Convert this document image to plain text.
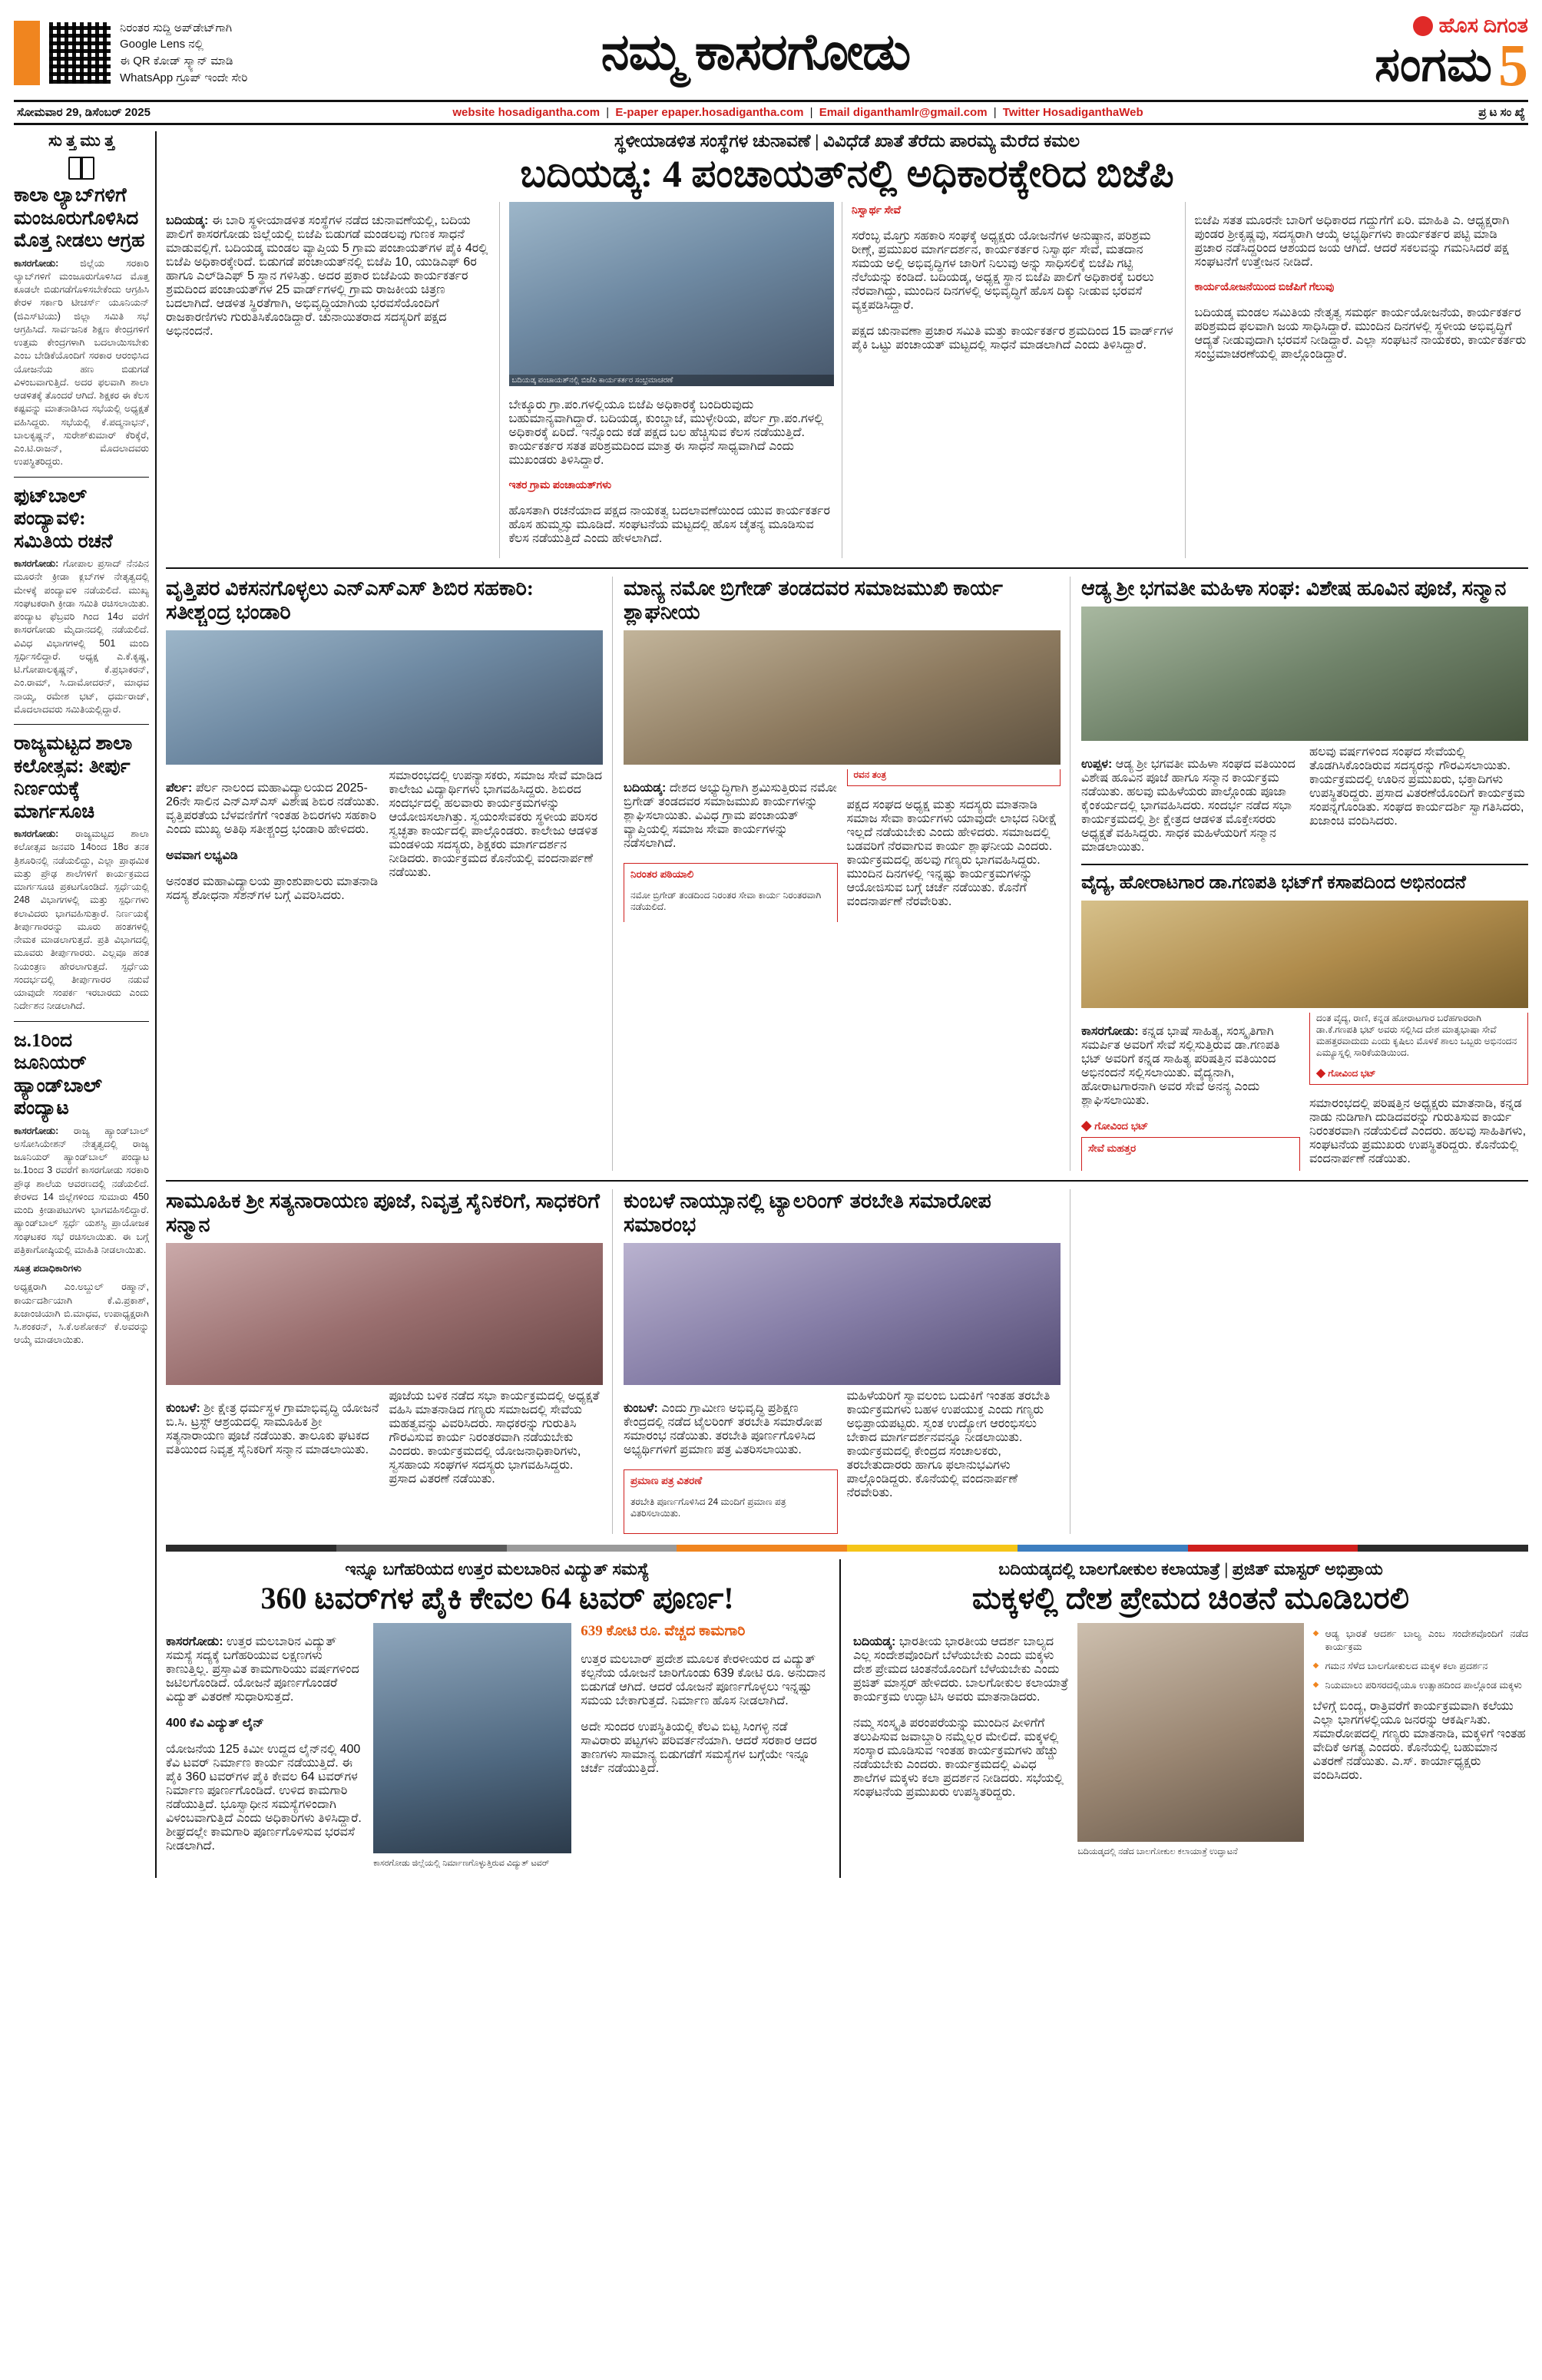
ನಿರಂತರ ಸುದ್ದಿ ಅಪ್‌ಡೇಟ್‌ಗಾಗಿ
Google Lens ನಲ್ಲಿ
ಈ QR ಕೋಡ್ ಸ್ಕ್ಯಾನ್ ಮಾಡಿ
WhatsApp ಗ್ರೂಪ್ ಇಂದೇ ಸೇರಿ	ನಮ್ಮ ಕಾಸರಗೋಡು	ಹೊಸ ದಿಗಂತ
ಸಂಗಮ 5
ಸೋಮವಾರ 29, ಡಿಸೆಂಬರ್ 2025	website hosadigantha.com | E-paper epaper.hosadigantha.com | Email diganthamlr@gmail.com | Twitter HosadiganthaWeb	ಪ್ರ ಟ ಸಂ ಖ್ಯೆ
ಸು ತ್ತ ಮು ತ್ತ
ಕಾಲಾ ಲ್ಯಾಬ್‌ಗಳಿಗೆ ಮಂಜೂರುಗೊಳಿಸಿದ ಮೊತ್ತ ನೀಡಲು ಆಗ್ರಹ

ಕಾಸರಗೋಡು: ಜಿಲ್ಲೆಯ ಸರಕಾರಿ ಲ್ಯಾಬ್‌ಗಳಿಗೆ ಮಂಜೂರುಗೊಳಿಸಿದ ಮೊತ್ತ ಕೂಡಲೇ ಬಿಡುಗಡೆಗೊಳಿಸಬೇಕೆಂದು ಆಗ್ರಹಿಸಿ ಕೇರಳ ಸರ್ಕಾರಿ ಟೀಚರ್ಸ್‌ ಯೂನಿಯನ್ (ಜಿಎಸ್‌ಟಿಯು) ಜಿಲ್ಲಾ ಸಮಿತಿ ಸಭೆ ಆಗ್ರಹಿಸಿದೆ. ಸಾರ್ವಜನಿಕ ಶಿಕ್ಷಣ ಕೇಂದ್ರಗಳಿಗೆ ಉತ್ತಮ ಕೇಂದ್ರಗಳಾಗಿ ಬದಲಾಯಿಸಬೇಕು ಎಂಬ ಬೇಡಿಕೆಯೊಂದಿಗೆ ಸರಕಾರ ಆರಂಭಿಸಿದ ಯೋಜನೆಯ ಹಣ ಬಿಡುಗಡೆ ವಿಳಂಬವಾಗುತ್ತಿದೆ. ಅದರ ಫಲವಾಗಿ ಶಾಲಾ ಆಡಳಿತಕ್ಕೆ ತೊಂದರೆ ಆಗಿದೆ. ಶಿಕ್ಷಕರ ಈ ಕೆಲಸ ಕಷ್ಟವನ್ನು ಮಾತನಾಡಿಸಿದ ಸಭೆಯಲ್ಲಿ ಅಧ್ಯಕ್ಷತೆ ವಹಿಸಿದ್ದರು. ಸಭೆಯಲ್ಲಿ ಕೆ.ಪದ್ಮನಾಭನ್, ಬಾಲಕೃಷ್ಣನ್, ಸುರೇಶ್‌ಕುಮಾರ್ ಕೆರಿಕ್ಕೆರೆ, ಎಂ.ಟಿ.ರಾಜನ್, ಮೊದಲಾದವರು ಉಪಸ್ಥಿತರಿದ್ದರು.

ಫುಟ್‌ಬಾಲ್ ಪಂದ್ಯಾವಳಿ: ಸಮಿತಿಯ ರಚನೆ

ಕಾಸರಗೋಡು: ಗೋಪಾಲ ಪ್ರಸಾದ್ ನೆನಪಿನ ಮೂರನೇ ಕ್ರೀಡಾ ಕ್ಲಬ್‌ಗಳ ನೇತೃತ್ವದಲ್ಲಿ ಮೇಳಕ್ಕೆ ಪಂದ್ಯಾವಳಿ ನಡೆಯಲಿದೆ. ಮುಖ್ಯ ಸಂಘಟಕರಾಗಿ ಕ್ರೀಡಾ ಸಮಿತಿ ರಚಿಸಲಾಯಿತು. ಪಂದ್ಯಾಟ ಫೆಬ್ರವರಿ ಗಿಂದ 14ರ ವರೆಗೆ ಕಾಸರಗೋಡು ಮೈದಾನದಲ್ಲಿ ನಡೆಯಲಿದೆ. ವಿವಿಧ ವಿಭಾಗಗಳಲ್ಲಿ 501 ಮಂದಿ ಸ್ಪರ್ಧಿಸಲಿದ್ದಾರೆ. ಅಧ್ಯಕ್ಷ ಎ.ಕೆ.ಕೃಷ್ಣ, ಟಿ.ಗೋಪಾಲಕೃಷ್ಣನ್, ಕೆ.ಪ್ರಭಾಕರನ್, ಎಂ.ರಾಮ್‌, ಸಿ.ದಾಮೋದರನ್, ಮಾಧವ ನಾಯ್ಕ, ರಮೇಶ ಭಟ್, ಧರ್ಮರಾಜ್, ಮೊದಲಾದವರು ಸಮಿತಿಯಲ್ಲಿದ್ದಾರೆ.

ರಾಜ್ಯಮಟ್ಟದ ಶಾಲಾ ಕಲೋತ್ಸವ: ತೀರ್ಪು ನಿರ್ಣಯಕ್ಕೆ ಮಾರ್ಗಸೂಚಿ

ಕಾಸರಗೋಡು: ರಾಜ್ಯಮಟ್ಟದ ಶಾಲಾ ಕಲೋತ್ಸವ ಜನವರಿ 14ರಿಂದ 18ರ ತನಕ ತ್ರಿಶೂರಿನಲ್ಲಿ ನಡೆಯಲಿದ್ದು, ಎಲ್ಲಾ ಪ್ರಾಥಮಿಕ ಮತ್ತು ಪ್ರೌಢ ಶಾಲೆಗಳಿಗೆ ಕಾರ್ಯಕ್ರಮದ ಮಾರ್ಗಸೂಚಿ ಪ್ರಕಟಗೊಂಡಿದೆ. ಸ್ಪರ್ಧೆಯಲ್ಲಿ 248 ವಿಭಾಗಗಳಲ್ಲಿ ಮತ್ತು ಸ್ಪರ್ಧಿಗಳು ಕಲಾವಿದರು ಭಾಗವಹಿಸುತ್ತಾರೆ. ನಿರ್ಣಯಕ್ಕೆ ತೀರ್ಪುಗಾರರನ್ನು ಮೂರು ಹಂತಗಳಲ್ಲಿ ನೇಮಕ ಮಾಡಲಾಗುತ್ತದೆ. ಪ್ರತಿ ವಿಭಾಗದಲ್ಲಿ ಮೂವರು ತೀರ್ಪುಗಾರರು. ಎಲ್ಲವೂ ಹಂತ ನಿಯಂತ್ರಣ ಹೇರಲಾಗುತ್ತದೆ. ಸ್ಪರ್ಧೆಯ ಸಂದರ್ಭದಲ್ಲಿ ತೀರ್ಪುಗಾರರ ನಡುವೆ ಯಾವುದೇ ಸಂಪರ್ಕ ಇರಬಾರದು ಎಂದು ನಿರ್ದೇಶನ ನೀಡಲಾಗಿದೆ.

ಜ.1ರಿಂದ ಜೂನಿಯರ್ ಹ್ಯಾಂಡ್‌ಬಾಲ್ ಪಂದ್ಯಾಟ

ಕಾಸರಗೋಡು: ರಾಜ್ಯ ಹ್ಯಾಂಡ್‌ಬಾಲ್ ಅಸೋಸಿಯೇಶನ್ ನೇತೃತ್ವದಲ್ಲಿ ರಾಜ್ಯ ಜೂನಿಯರ್ ಹ್ಯಾಂಡ್‌ಬಾಲ್ ಪಂದ್ಯಾಟ ಜ.1ರಿಂದ 3 ರವರೆಗೆ ಕಾಸರಗೋಡು ಸರಕಾರಿ ಪ್ರೌಢ ಶಾಲೆಯ ಆವರಣದಲ್ಲಿ ನಡೆಯಲಿದೆ. ಕೇರಳದ 14 ಜಿಲ್ಲೆಗಳಿಂದ ಸುಮಾರು 450 ಮಂದಿ ಕ್ರೀಡಾಪಟುಗಳು ಭಾಗವಹಿಸಲಿದ್ದಾರೆ. ಹ್ಯಾಂಡ್‌ಬಾಲ್ ಸ್ಪರ್ಧೆ ಯಶಸ್ವಿ ಪ್ರಾಯೋಜಕ ಸಂಘಟಕರ ಸಭೆ ರಚಿಸಲಾಯಿತು. ಈ ಬಗ್ಗೆ ಪತ್ರಿಕಾಗೋಷ್ಠಿಯಲ್ಲಿ ಮಾಹಿತಿ ನೀಡಲಾಯಿತು.

ಸೂತ್ರ ಪದಾಧಿಕಾರಿಗಳು

ಅಧ್ಯಕ್ಷರಾಗಿ ಎಂ.ಅಬ್ದುಲ್ ರಹ್ಮಾನ್, ಕಾರ್ಯದರ್ಶಿಯಾಗಿ ಕೆ.ವಿ.ಪ್ರಕಾಶ್, ಖಜಾಂಚಿಯಾಗಿ ಬಿ.ಮಾಧವ, ಉಪಾಧ್ಯಕ್ಷರಾಗಿ ಸಿ.ಶಂಕರನ್, ಸಿ.ಕೆ.ಅಶೋಕನ್ ಕೆ.ಅವರನ್ನು ಆಯ್ಕೆ ಮಾಡಲಾಯಿತು.

ಸ್ಥಳೀಯಾಡಳಿತ ಸಂಸ್ಥೆಗಳ ಚುನಾವಣೆ | ವಿವಿಧೆಡೆ ಖಾತೆ ತೆರೆದು ಪಾರಮ್ಯ ಮೆರೆದ ಕಮಲ
ಬದಿಯಡ್ಕ: 4 ಪಂಚಾಯತ್‌ನಲ್ಲಿ ಅಧಿಕಾರಕ್ಕೇರಿದ ಬಿಜೆಪಿ

ಬದಿಯಡ್ಕ: ಈ ಬಾರಿ ಸ್ಥಳೀಯಾಡಳಿತ ಸಂಸ್ಥೆಗಳ ನಡೆದ ಚುನಾವಣೆಯಲ್ಲಿ, ಬದಿಯ ಪಾಲಿಗೆ ಕಾಸರಗೋಡು ಜಿಲ್ಲೆಯಲ್ಲಿ ಬಿಜೆಪಿ ಬಿಡುಗಡೆ ಮಂಡಲವು ಗುಣಕ ಸಾಧನೆ ಮಾಡುವಲ್ಲಿಗೆ. ಬದಿಯಡ್ಕ ಮಂಡಲ ವ್ಯಾಪ್ತಿಯ 5 ಗ್ರಾಮ ಪಂಚಾಯತ್‌ಗಳ ಪೈಕಿ 4ರಲ್ಲಿ ಬಿಜೆಪಿ ಅಧಿಕಾರಕ್ಕೇರಿದೆ. ಬಿಡುಗಡೆ ಪಂಚಾಯತ್‌ನಲ್ಲಿ ಬಿಜೆಪಿ 10, ಯುಡಿಎಫ್ 6ರ ಹಾಗೂ ಎಲ್‌ಡಿಎಫ್ 5 ಸ್ಥಾನ ಗಳಿಸಿತ್ತು. ಅದರ ಪ್ರಕಾರ ಬಿಜೆಪಿಯ ಕಾರ್ಯಕರ್ತರ ಶ್ರಮದಿಂದ ಪಂಚಾಯತ್‌ಗಳ 25 ವಾರ್ಡ್‌ಗಳಲ್ಲಿ ಗ್ರಾಮ ರಾಜಕೀಯ ಚಿತ್ರಣ ಬದಲಾಗಿದೆ. ಆಡಳಿತ ಸ್ಥಿರತೆಗಾಗಿ, ಅಭಿವೃದ್ಧಿಯಾಗಿಯ ಭರವಸೆಯೊಂದಿಗೆ ರಾಜಕಾರಣಿಗಳು ಗುರುತಿಸಿಕೊಂಡಿದ್ದಾರೆ. ಚುನಾಯಿತರಾದ ಸದಸ್ಯರಿಗೆ ಪಕ್ಷದ ಅಭಿನಂದನೆ.

ಬದಿಯಡ್ಕ ಪಂಚಾಯತ್‌ನಲ್ಲಿ ಬಿಜೆಪಿ ಕಾರ್ಯಕರ್ತರ ಸಂಭ್ರಮಾಚರಣೆ

ಬೇಕ್ಕೂರು ಗ್ರಾ.ಪಂ.ಗಳಲ್ಲಿಯೂ ಬಿಜೆಪಿ ಅಧಿಕಾರಕ್ಕೆ ಬಂದಿರುವುದು ಬಹುಮಾನ್ಯವಾಗಿದ್ದಾರೆ. ಬದಿಯಡ್ಕ, ಕುಂಬ್ಡಾಜೆ, ಮುಳ್ಳೇರಿಯ, ಪೆರ್ಲ ಗ್ರಾ.ಪಂ.ಗಳಲ್ಲಿ ಅಧಿಕಾರಕ್ಕೆ ಏರಿದೆ. ಇನ್ನೊಂದು ಕಡೆ ಪಕ್ಷದ ಬಲ ಹೆಚ್ಚಿಸುವ ಕೆಲಸ ನಡೆಯುತ್ತಿದೆ. ಕಾರ್ಯಕರ್ತರ ಸತತ ಪರಿಶ್ರಮದಿಂದ ಮಾತ್ರ ಈ ಸಾಧನೆ ಸಾಧ್ಯವಾಗಿದೆ ಎಂದು ಮುಖಂಡರು ತಿಳಿಸಿದ್ದಾರೆ.

ಇತರ ಗ್ರಾಮ ಪಂಚಾಯತ್‌ಗಳು

ಹೊಸತಾಗಿ ರಚನೆಯಾದ ಪಕ್ಷದ ನಾಯಕತ್ವ ಬದಲಾವಣೆಯಿಂದ ಯುವ ಕಾರ್ಯಕರ್ತರ ಹೊಸ ಹುಮ್ಮಸ್ಸು ಮೂಡಿದೆ. ಸಂಘಟನೆಯ ಮಟ್ಟದಲ್ಲಿ ಹೊಸ ಚೈತನ್ಯ ಮೂಡಿಸುವ ಕೆಲಸ ನಡೆಯುತ್ತಿದೆ ಎಂದು ಹೇಳಲಾಗಿದೆ.

ನಿಸ್ವಾರ್ಥ ಸೇವೆ

ಸರೆಂಬ್ಳ ಮೊಗ್ರು ಸಹಕಾರಿ ಸಂಘಕ್ಕೆ ಅಧ್ಯಕ್ಷರು ಯೋಜನೆಗಳ ಅನುಷ್ಠಾನ, ಪರಿಶ್ರಮ ರೀಣ್ಗೆ, ಪ್ರಮುಖರ ಮಾರ್ಗದರ್ಶನ, ಕಾರ್ಯಕರ್ತರ ನಿಸ್ವಾರ್ಥ ಸೇವೆ, ಮತದಾನ ಸಮಯ ಅಲ್ಲಿ ಅಭಿವೃದ್ಧಿಗಳ ಜಾರಿಗೆ ನಿಲುವು ಅನ್ನು ಸಾಧಿಸಲಿಕ್ಕೆ ಬಿಜೆಪಿ ಗಟ್ಟಿ ನೆಲೆಯನ್ನು ಕಂಡಿದೆ. ಬದಿಯಡ್ಕ, ಅಧ್ಯಕ್ಷ ಸ್ಥಾನ ಬಿಜೆಪಿ ಪಾಲಿಗೆ ಅಧಿಕಾರಕ್ಕೆ ಬರಲು ನೆರವಾಗಿದ್ದು, ಮುಂದಿನ ದಿನಗಳಲ್ಲಿ ಅಭಿವೃದ್ಧಿಗೆ ಹೊಸ ದಿಕ್ಕು ನೀಡುವ ಭರವಸೆ ವ್ಯಕ್ತಪಡಿಸಿದ್ದಾರೆ.

ಪಕ್ಷದ ಚುನಾವಣಾ ಪ್ರಚಾರ ಸಮಿತಿ ಮತ್ತು ಕಾರ್ಯಕರ್ತರ ಶ್ರಮದಿಂದ 15 ವಾರ್ಡ್‌ಗಳ ಪೈಕಿ ಒಟ್ಟು ಪಂಚಾಯತ್ ಮಟ್ಟದಲ್ಲಿ ಸಾಧನೆ ಮಾಡಲಾಗಿದೆ ಎಂದು ತಿಳಿಸಿದ್ದಾರೆ.

ಬಿಜೆಪಿ ಸತತ ಮೂರನೇ ಬಾರಿಗೆ ಅಧಿಕಾರದ ಗದ್ದುಗೆಗೆ ಏರಿ. ಮಾಹಿತಿ ಎ. ಆಧ್ಯಕ್ಷರಾಗಿ ಪುಂಡರ ಶ್ರೀಕೃಷ್ಣವು, ಸದಸ್ಯರಾಗಿ ಆಯ್ಕೆ ಅಭ್ಯರ್ಥಿಗಳು ಕಾರ್ಯಕರ್ತರ ಪಟ್ಟಿ ಮಾಡಿ ಪ್ರಚಾರ ನಡೆಸಿದ್ದರಿಂದ ಆಶಯದ ಜಯ ಆಗಿದೆ. ಆದರೆ ಸಕಲವನ್ನು ಗಮನಿಸಿದರೆ ಪಕ್ಷ ಸಂಘಟನೆಗೆ ಉತ್ತೇಜನ ನೀಡಿದೆ.

ಕಾರ್ಯಯೋಜನೆಯಿಂದ ಬಿಜೆಪಿಗೆ ಗೆಲುವು

ಬದಿಯಡ್ಕ ಮಂಡಲ ಸಮಿತಿಯ ನೇತೃತ್ವ ಸಮರ್ಥ ಕಾರ್ಯಯೋಜನೆಯ, ಕಾರ್ಯಕರ್ತರ ಪರಿಶ್ರಮದ ಫಲವಾಗಿ ಜಯ ಸಾಧಿಸಿದ್ದಾರೆ. ಮುಂದಿನ ದಿನಗಳಲ್ಲಿ ಸ್ಥಳೀಯ ಅಭಿವೃದ್ಧಿಗೆ ಆದ್ಯತೆ ನೀಡುವುದಾಗಿ ಭರವಸೆ ನೀಡಿದ್ದಾರೆ. ಎಲ್ಲಾ ಸಂಘಟನೆ ನಾಯಕರು, ಕಾರ್ಯಕರ್ತರು ಸಂಭ್ರಮಾಚರಣೆಯಲ್ಲಿ ಪಾಲ್ಗೊಂಡಿದ್ದಾರೆ.

ವೃತ್ತಿಪರ ವಿಕಸನಗೊಳ್ಳಲು ಎನ್‌ಎಸ್‌ಎಸ್ ಶಿಬಿರ ಸಹಕಾರಿ: ಸತೀಶ್ಚಂದ್ರ ಭಂಡಾರಿ

ಪೆರ್ಲ: ಪೆರ್ಲ ನಾಲಂದ ಮಹಾವಿದ್ಯಾಲಯದ 2025-26ನೇ ಸಾಲಿನ ಎನ್‌ಎಸ್‌ಎಸ್ ವಿಶೇಷ ಶಿಬಿರ ನಡೆಯಿತು. ವೃತ್ತಿಪರತೆಯ ಬೆಳವಣಿಗೆಗೆ ಇಂತಹ ಶಿಬಿರಗಳು ಸಹಕಾರಿ ಎಂದು ಮುಖ್ಯ ಅತಿಥಿ ಸತೀಶ್ಚಂದ್ರ ಭಂಡಾರಿ ಹೇಳಿದರು.

ಅವವಾಗ ಲಭ್ಯವಿಡಿ

ಅನಂತರ ಮಹಾವಿದ್ಯಾಲಯ ಪ್ರಾಂಶುಪಾಲರು ಮಾತನಾಡಿ ಸದಸ್ಯ ಶೋಧನಾ ಸೆಶನ್‌ಗಳ ಬಗ್ಗೆ ವಿವರಿಸಿದರು. ಸಮಾರಂಭದಲ್ಲಿ ಉಪನ್ಯಾಸಕರು, ಸಮಾಜ ಸೇವೆ ಮಾಡಿದ ಕಾಲೇಜು ವಿದ್ಯಾರ್ಥಿಗಳು ಭಾಗವಹಿಸಿದ್ದರು. ಶಿಬಿರದ ಸಂದರ್ಭದಲ್ಲಿ ಹಲವಾರು ಕಾರ್ಯಕ್ರಮಗಳನ್ನು ಆಯೋಜಿಸಲಾಗಿತ್ತು. ಸ್ವಯಂಸೇವಕರು ಸ್ಥಳೀಯ ಪರಿಸರ ಸ್ವಚ್ಛತಾ ಕಾರ್ಯದಲ್ಲಿ ಪಾಲ್ಗೊಂಡರು. ಕಾಲೇಜು ಆಡಳಿತ ಮಂಡಳಿಯ ಸದಸ್ಯರು, ಶಿಕ್ಷಕರು ಮಾರ್ಗದರ್ಶನ ನೀಡಿದರು. ಕಾರ್ಯಕ್ರಮದ ಕೊನೆಯಲ್ಲಿ ವಂದನಾರ್ಪಣೆ ನಡೆಯಿತು.

ಮಾನ್ಯ ನಮೋ ಬ್ರಿಗೇಡ್ ತಂಡದವರ ಸಮಾಜಮುಖಿ ಕಾರ್ಯ ಶ್ಲಾಘನೀಯ

ಬದಿಯಡ್ಕ: ದೇಶದ ಅಭ್ಯುದ್ಧಿಗಾಗಿ ಶ್ರಮಿಸುತ್ತಿರುವ ನಮೋ ಬ್ರಿಗೇಡ್ ತಂಡದವರ ಸಮಾಜಮುಖಿ ಕಾರ್ಯಗಳನ್ನು ಶ್ಲಾಘಿಸಲಾಯಿತು. ವಿವಿಧ ಗ್ರಾಮ ಪಂಚಾಯತ್ ವ್ಯಾಪ್ತಿಯಲ್ಲಿ ಸಮಾಜ ಸೇವಾ ಕಾರ್ಯಗಳನ್ನು ನಡೆಸಲಾಗಿದೆ.

ನಿರಂತರ ಪಠಿಯಾಲಿ

ನಮೋ ಬ್ರಿಗೇಡ್ ತಂಡದಿಂದ ನಿರಂತರ ಸೇವಾ ಕಾರ್ಯ ನಿರಂತರವಾಗಿ ನಡೆಯಲಿದೆ.

ರವನ ತಂತ್ರ

ಪಕ್ಷದ ಸಂಘದ ಅಧ್ಯಕ್ಷ ಮತ್ತು ಸದಸ್ಯರು ಮಾತನಾಡಿ ಸಮಾಜ ಸೇವಾ ಕಾರ್ಯಗಳು ಯಾವುದೇ ಲಾಭದ ನಿರೀಕ್ಷೆ ಇಲ್ಲದೆ ನಡೆಯಬೇಕು ಎಂದು ಹೇಳಿದರು. ಸಮಾಜದಲ್ಲಿ ಬಡವರಿಗೆ ನೆರವಾಗುವ ಕಾರ್ಯ ಶ್ಲಾಘನೀಯ ಎಂದರು. ಕಾರ್ಯಕ್ರಮದಲ್ಲಿ ಹಲವು ಗಣ್ಯರು ಭಾಗವಹಿಸಿದ್ದರು. ಮುಂದಿನ ದಿನಗಳಲ್ಲಿ ಇನ್ನಷ್ಟು ಕಾರ್ಯಕ್ರಮಗಳನ್ನು ಆಯೋಜಿಸುವ ಬಗ್ಗೆ ಚರ್ಚೆ ನಡೆಯಿತು. ಕೊನೆಗೆ ವಂದನಾರ್ಪಣೆ ನೆರವೇರಿತು.

ಆಡ್ಯ ಶ್ರೀ ಭಗವತೀ ಮಹಿಳಾ ಸಂಘ: ವಿಶೇಷ ಹೂವಿನ ಪೂಜೆ, ಸನ್ಮಾನ

ಉಪ್ಪಳ: ಆಡ್ಯ ಶ್ರೀ ಭಗವತೀ ಮಹಿಳಾ ಸಂಘದ ವತಿಯಿಂದ ವಿಶೇಷ ಹೂವಿನ ಪೂಜೆ ಹಾಗೂ ಸನ್ಮಾನ ಕಾರ್ಯಕ್ರಮ ನಡೆಯಿತು. ಹಲವು ಮಹಿಳೆಯರು ಪಾಲ್ಗೊಂಡು ಪೂಜಾ ಕೈಂಕರ್ಯದಲ್ಲಿ ಭಾಗವಹಿಸಿದರು. ಸಂದರ್ಭ ನಡೆದ ಸಭಾ ಕಾರ್ಯಕ್ರಮದಲ್ಲಿ ಶ್ರೀ ಕ್ಷೇತ್ರದ ಆಡಳಿತ ಮೊಕ್ತೇಸರರು ಅಧ್ಯಕ್ಷತೆ ವಹಿಸಿದ್ದರು. ಸಾಧಕ ಮಹಿಳೆಯರಿಗೆ ಸನ್ಮಾನ ಮಾಡಲಾಯಿತು.

ಹಲವು ವರ್ಷಗಳಿಂದ ಸಂಘದ ಸೇವೆಯಲ್ಲಿ ತೊಡಗಿಸಿಕೊಂಡಿರುವ ಸದಸ್ಯರನ್ನು ಗೌರವಿಸಲಾಯಿತು. ಕಾರ್ಯಕ್ರಮದಲ್ಲಿ ಊರಿನ ಪ್ರಮುಖರು, ಭಕ್ತಾದಿಗಳು ಉಪಸ್ಥಿತರಿದ್ದರು. ಪ್ರಸಾದ ವಿತರಣೆಯೊಂದಿಗೆ ಕಾರ್ಯಕ್ರಮ ಸಂಪನ್ನಗೊಂಡಿತು. ಸಂಘದ ಕಾರ್ಯದರ್ಶಿ ಸ್ವಾಗತಿಸಿದರು, ಖಜಾಂಚಿ ವಂದಿಸಿದರು.

ವೈದ್ಯ, ಹೋರಾಟಗಾರ ಡಾ.ಗಣಪತಿ ಭಟ್‌ಗೆ ಕಸಾಪದಿಂದ ಅಭಿನಂದನೆ

ಕಾಸರಗೋಡು: ಕನ್ನಡ ಭಾಷೆ ಸಾಹಿತ್ಯ, ಸಂಸ್ಕೃತಿಗಾಗಿ ಸಮರ್ಪಿತ ಅವರಿಗೆ ಸೇವೆ ಸಲ್ಲಿಸುತ್ತಿರುವ ಡಾ.ಗಣಪತಿ ಭಟ್ ಅವರಿಗೆ ಕನ್ನಡ ಸಾಹಿತ್ಯ ಪರಿಷತ್ತಿನ ವತಿಯಿಂದ ಅಭಿನಂದನೆ ಸಲ್ಲಿಸಲಾಯಿತು. ವೈದ್ಯನಾಗಿ, ಹೋರಾಟಗಾರನಾಗಿ ಅವರ ಸೇವೆ ಅನನ್ಯ ಎಂದು ಶ್ಲಾಘಿಸಲಾಯಿತು.

◆ ಗೋವಿಂದ ಭಟ್
ಸೇವೆ ಮಹತ್ತರ

ದಂತ ವೈದ್ಯ, ರಾಣಿ, ಕನ್ನಡ ಹೋರಾಟಗಾರ ಬರೆಹಗಾರರಾಗಿ ಡಾ.ಕೆ.ಗಣಪತಿ ಭಟ್ ಅವರು ಸಲ್ಲಿಸಿದ ದೇಶ ಮಾತೃಭಾಷಾ ಸೇವೆ ಮಹತ್ತರವಾದುದು ಎಂದು ಕೃಷಿಲು ಮೊಳಕೆ ಶಾಲು ಒಬ್ಬರು ಅಭಿನಂದನ ಎಮ್ಯೂಸ್ನಲ್ಲಿ ಸಾರಿಕೆಯಡಿಯಿಂದ.

◆ ಗೋವಿಂದ ಭಟ್

ಸಮಾರಂಭದಲ್ಲಿ ಪರಿಷತ್ತಿನ ಅಧ್ಯಕ್ಷರು ಮಾತನಾಡಿ, ಕನ್ನಡ ನಾಡು ನುಡಿಗಾಗಿ ದುಡಿದವರನ್ನು ಗುರುತಿಸುವ ಕಾರ್ಯ ನಿರಂತರವಾಗಿ ನಡೆಯಲಿದೆ ಎಂದರು. ಹಲವು ಸಾಹಿತಿಗಳು, ಸಂಘಟನೆಯ ಪ್ರಮುಖರು ಉಪಸ್ಥಿತರಿದ್ದರು. ಕೊನೆಯಲ್ಲಿ ವಂದನಾರ್ಪಣೆ ನಡೆಯಿತು.

ಸಾಮೂಹಿಕ ಶ್ರೀ ಸತ್ಯನಾರಾಯಣ ಪೂಜೆ, ನಿವೃತ್ತ ಸೈನಿಕರಿಗೆ, ಸಾಧಕರಿಗೆ ಸನ್ಮಾನ

ಕುಂಬಳೆ: ಶ್ರೀ ಕ್ಷೇತ್ರ ಧರ್ಮಸ್ಥಳ ಗ್ರಾಮಾಭಿವೃದ್ಧಿ ಯೋಜನೆ ಬಿ.ಸಿ. ಟ್ರಸ್ಟ್ ಆಶ್ರಯದಲ್ಲಿ ಸಾಮೂಹಿಕ ಶ್ರೀ ಸತ್ಯನಾರಾಯಣ ಪೂಜೆ ನಡೆಯಿತು. ತಾಲೂಕು ಘಟಕದ ವತಿಯಿಂದ ನಿವೃತ್ತ ಸೈನಿಕರಿಗೆ ಸನ್ಮಾನ ಮಾಡಲಾಯಿತು.

ಪೂಜೆಯ ಬಳಿಕ ನಡೆದ ಸಭಾ ಕಾರ್ಯಕ್ರಮದಲ್ಲಿ ಅಧ್ಯಕ್ಷತೆ ವಹಿಸಿ ಮಾತನಾಡಿದ ಗಣ್ಯರು ಸಮಾಜದಲ್ಲಿ ಸೇವೆಯ ಮಹತ್ವವನ್ನು ವಿವರಿಸಿದರು. ಸಾಧಕರನ್ನು ಗುರುತಿಸಿ ಗೌರವಿಸುವ ಕಾರ್ಯ ನಿರಂತರವಾಗಿ ನಡೆಯಬೇಕು ಎಂದರು. ಕಾರ್ಯಕ್ರಮದಲ್ಲಿ ಯೋಜನಾಧಿಕಾರಿಗಳು, ಸ್ವಸಹಾಯ ಸಂಘಗಳ ಸದಸ್ಯರು ಭಾಗವಹಿಸಿದ್ದರು. ಪ್ರಸಾದ ವಿತರಣೆ ನಡೆಯಿತು.

ಕುಂಬಳೆ ನಾಯ್ಸುಾನಲ್ಲಿ ಟ್ಯಾಲರಿಂಗ್ ತರಬೇತಿ ಸಮಾರೋಪ ಸಮಾರಂಭ

ಕುಂಬಳೆ: ಎಂದು ಗ್ರಾಮೀಣ ಅಭಿವೃದ್ಧಿ ಪ್ರಶಿಕ್ಷಣ ಕೇಂದ್ರದಲ್ಲಿ ನಡೆದ ಟೈಲರಿಂಗ್ ತರಬೇತಿ ಸಮಾರೋಪ ಸಮಾರಂಭ ನಡೆಯಿತು. ತರಬೇತಿ ಪೂರ್ಣಗೊಳಿಸಿದ ಅಭ್ಯರ್ಥಿಗಳಿಗೆ ಪ್ರಮಾಣ ಪತ್ರ ವಿತರಿಸಲಾಯಿತು.

ಪ್ರಮಾಣ ಪತ್ರ ವಿತರಣೆ

ತರಬೇತಿ ಪೂರ್ಣಗೊಳಿಸಿದ 24 ಮಂದಿಗೆ ಪ್ರಮಾಣ ಪತ್ರ ವಿತರಿಸಲಾಯಿತು.

ಮಹಿಳೆಯರಿಗೆ ಸ್ವಾವಲಂಬಿ ಬದುಕಿಗೆ ಇಂತಹ ತರಬೇತಿ ಕಾರ್ಯಕ್ರಮಗಳು ಬಹಳ ಉಪಯುಕ್ತ ಎಂದು ಗಣ್ಯರು ಅಭಿಪ್ರಾಯಪಟ್ಟರು. ಸ್ವಂತ ಉದ್ಯೋಗ ಆರಂಭಿಸಲು ಬೇಕಾದ ಮಾರ್ಗದರ್ಶನವನ್ನೂ ನೀಡಲಾಯಿತು. ಕಾರ್ಯಕ್ರಮದಲ್ಲಿ ಕೇಂದ್ರದ ಸಂಚಾಲಕರು, ತರಬೇತುದಾರರು ಹಾಗೂ ಫಲಾನುಭವಿಗಳು ಪಾಲ್ಗೊಂಡಿದ್ದರು. ಕೊನೆಯಲ್ಲಿ ವಂದನಾರ್ಪಣೆ ನೆರವೇರಿತು.

ಇನ್ನೂ ಬಗೆಹರಿಯದ ಉತ್ತರ ಮಲಬಾರಿನ ವಿದ್ಯುತ್ ಸಮಸ್ಯೆ
360 ಟವರ್‌ಗಳ ಪೈಕಿ ಕೇವಲ 64 ಟವರ್ ಪೂರ್ಣ!

ಕಾಸರಗೋಡು: ಉತ್ತರ ಮಲಬಾರಿನ ವಿದ್ಯುತ್ ಸಮಸ್ಯೆ ಸದ್ಯಕ್ಕೆ ಬಗೆಹರಿಯುವ ಲಕ್ಷಣಗಳು ಕಾಣುತ್ತಿಲ್ಲ. ಪ್ರಸ್ತಾವಿತ ಕಾಮಗಾರಿಯು ವರ್ಷಗಳಿಂದ ಜಟಿಲಗೊಂಡಿದೆ. ಯೋಜನೆ ಪೂರ್ಣಗೊಂಡರೆ ವಿದ್ಯುತ್ ವಿತರಣೆ ಸುಧಾರಿಸುತ್ತದೆ.

400 ಕೆವಿ ವಿದ್ಯುತ್ ಲೈನ್

ಯೋಜನೆಯ 125 ಕಿಮೀ ಉದ್ದದ ಲೈನ್‌ನಲ್ಲಿ 400 ಕೆವಿ ಟವರ್ ನಿರ್ಮಾಣ ಕಾರ್ಯ ನಡೆಯುತ್ತಿದೆ. ಈ ಪೈಕಿ 360 ಟವರ್‌ಗಳ ಪೈಕಿ ಕೇವಲ 64 ಟವರ್‌ಗಳ ನಿರ್ಮಾಣ ಪೂರ್ಣಗೊಂಡಿದೆ. ಉಳಿದ ಕಾಮಗಾರಿ ನಡೆಯುತ್ತಿದೆ. ಭೂಸ್ವಾಧೀನ ಸಮಸ್ಯೆಗಳಿಂದಾಗಿ ವಿಳಂಬವಾಗುತ್ತಿದೆ ಎಂದು ಅಧಿಕಾರಿಗಳು ತಿಳಿಸಿದ್ದಾರೆ. ಶೀಘ್ರದಲ್ಲೇ ಕಾಮಗಾರಿ ಪೂರ್ಣಗೊಳಿಸುವ ಭರವಸೆ ನೀಡಲಾಗಿದೆ.

ಕಾಸರಗೋಡು ಜಿಲ್ಲೆಯಲ್ಲಿ ನಿರ್ಮಾಣಗೊಳ್ಳುತ್ತಿರುವ ವಿದ್ಯುತ್ ಟವರ್

639 ಕೋಟಿ ರೂ. ವೆಚ್ಚದ ಕಾಮಗಾರಿ

ಉತ್ತರ ಮಲಬಾರ್ ಪ್ರದೇಶ ಮೂಲಕ ಕೇರಳೀಯರ ದ ವಿದ್ಯುತ್ ಕಲ್ಪನೆಯ ಯೋಜನೆ ಜಾರಿಗೊಂಡು 639 ಕೋಟಿ ರೂ. ಅನುದಾನ ಬಿಡುಗಡೆ ಆಗಿದೆ. ಆದರೆ ಯೋಜನೆ ಪೂರ್ಣಗೊಳ್ಳಲು ಇನ್ನಷ್ಟು ಸಮಯ ಬೇಕಾಗುತ್ತದೆ. ನಿರ್ಮಾಣ ಹೊಸ ನೀಡಲಾಗಿದೆ.

ಅದೇ ಸುಂದರ ಉಪಸ್ಥಿತಿಯಲ್ಲಿ ಕೆಲವಿ ಬಿಟ್ಟ ಸಿಂಗಳ್ಳಿ ನಡೆ ಸಾವಿರಾರು ಪಟ್ಟಗಳು ಪರಿವರ್ತನೆಯಾಗಿ. ಆದರೆ ಸರಕಾರ ಆದರ ತಾಣಗಳು ಸಾಮಾನ್ಯ ಬಿಡುಗಡೆಗೆ ಸಮಸ್ಯೆಗಳ ಬಗ್ಗೆಯೇ ಇನ್ನೂ ಚರ್ಚೆ ನಡೆಯುತ್ತಿದೆ.

ಬದಿಯಡ್ಕದಲ್ಲಿ ಬಾಲಗೋಕುಲ ಕಲಾಯಾತ್ರೆ | ಪ್ರಜಿತ್ ಮಾಸ್ಟರ್ ಅಭಿಪ್ರಾಯ
ಮಕ್ಕಳಲ್ಲಿ ದೇಶ ಪ್ರೇಮದ ಚಿಂತನೆ ಮೂಡಿಬರಲಿ

ಬದಿಯಡ್ಕ: ಭಾರತೀಯ ಭಾರತೀಯ ಆದರ್ಶ ಬಾಲ್ಯದ ಎಲ್ಲ ಸಂದೇಶವೊಂದಿಗೆ ಬೆಳೆಯಬೇಕು ಎಂದು ಮಕ್ಕಳು ದೇಶ ಪ್ರೇಮದ ಚಿಂತನೆಯೊಂದಿಗೆ ಬೆಳೆಯಬೇಕು ಎಂದು ಪ್ರಜಿತ್ ಮಾಸ್ಟರ್ ಹೇಳಿದರು. ಬಾಲಗೋಕುಲ ಕಲಾಯಾತ್ರೆ ಕಾರ್ಯಕ್ರಮ ಉದ್ಘಾಟಿಸಿ ಅವರು ಮಾತನಾಡಿದರು.

ನಮ್ಮ ಸಂಸ್ಕೃತಿ ಪರಂಪರೆಯನ್ನು ಮುಂದಿನ ಪೀಳಿಗೆಗೆ ತಲುಪಿಸುವ ಜವಾಬ್ದಾರಿ ನಮ್ಮೆಲ್ಲರ ಮೇಲಿದೆ. ಮಕ್ಕಳಲ್ಲಿ ಸಂಸ್ಕಾರ ಮೂಡಿಸುವ ಇಂತಹ ಕಾರ್ಯಕ್ರಮಗಳು ಹೆಚ್ಚು ನಡೆಯಬೇಕು ಎಂದರು. ಕಾರ್ಯಕ್ರಮದಲ್ಲಿ ವಿವಿಧ ಶಾಲೆಗಳ ಮಕ್ಕಳು ಕಲಾ ಪ್ರದರ್ಶನ ನೀಡಿದರು. ಸಭೆಯಲ್ಲಿ ಸಂಘಟನೆಯ ಪ್ರಮುಖರು ಉಪಸ್ಥಿತರಿದ್ದರು.

ಬದಿಯಡ್ಕದಲ್ಲಿ ನಡೆದ ಬಾಲಗೋಕುಲ ಕಲಾಯಾತ್ರೆ ಉದ್ಘಾಟನೆ

◆ ಆಡ್ಯ ಭಾರತೆ ಆದರ್ಶ ಬಾಲ್ಯ ಎಂಬ ಸಂದೇಶವೊಂದಿಗೆ ನಡೆದ ಕಾರ್ಯಕ್ರಮ
◆ ಗಮನ ಸೆಳೆದ ಬಾಲಗೋಕುಲದ ಮಕ್ಕಳ ಕಲಾ ಪ್ರದರ್ಶನ
◆ ನಿಯಮಾಲು ಪರಿಸರದಲ್ಲಿಯೂ ಉತ್ಸಾಹದಿಂದ ಪಾಲ್ಗೊಂಡ ಮಕ್ಕಳು

ಬೆಳಿಗ್ಗೆ ಬಿಂದ್ಯ, ರಾತ್ರಿವರೆಗೆ ಕಾರ್ಯಕ್ರಮವಾಗಿ ಕಲೆಯು ಎಲ್ಲಾ ಭಾಗಗಳಲ್ಲಿಯೂ ಜನರನ್ನು ಆಕರ್ಷಿಸಿತು. ಸಮಾರೋಪದಲ್ಲಿ ಗಣ್ಯರು ಮಾತನಾಡಿ, ಮಕ್ಕಳಿಗೆ ಇಂತಹ ವೇದಿಕೆ ಅಗತ್ಯ ಎಂದರು. ಕೊನೆಯಲ್ಲಿ ಬಹುಮಾನ ವಿತರಣೆ ನಡೆಯಿತು. ಎ.ಸ್. ಕಾರ್ಯಾಧ್ಯಕ್ಷರು ವಂದಿಸಿದರು.
